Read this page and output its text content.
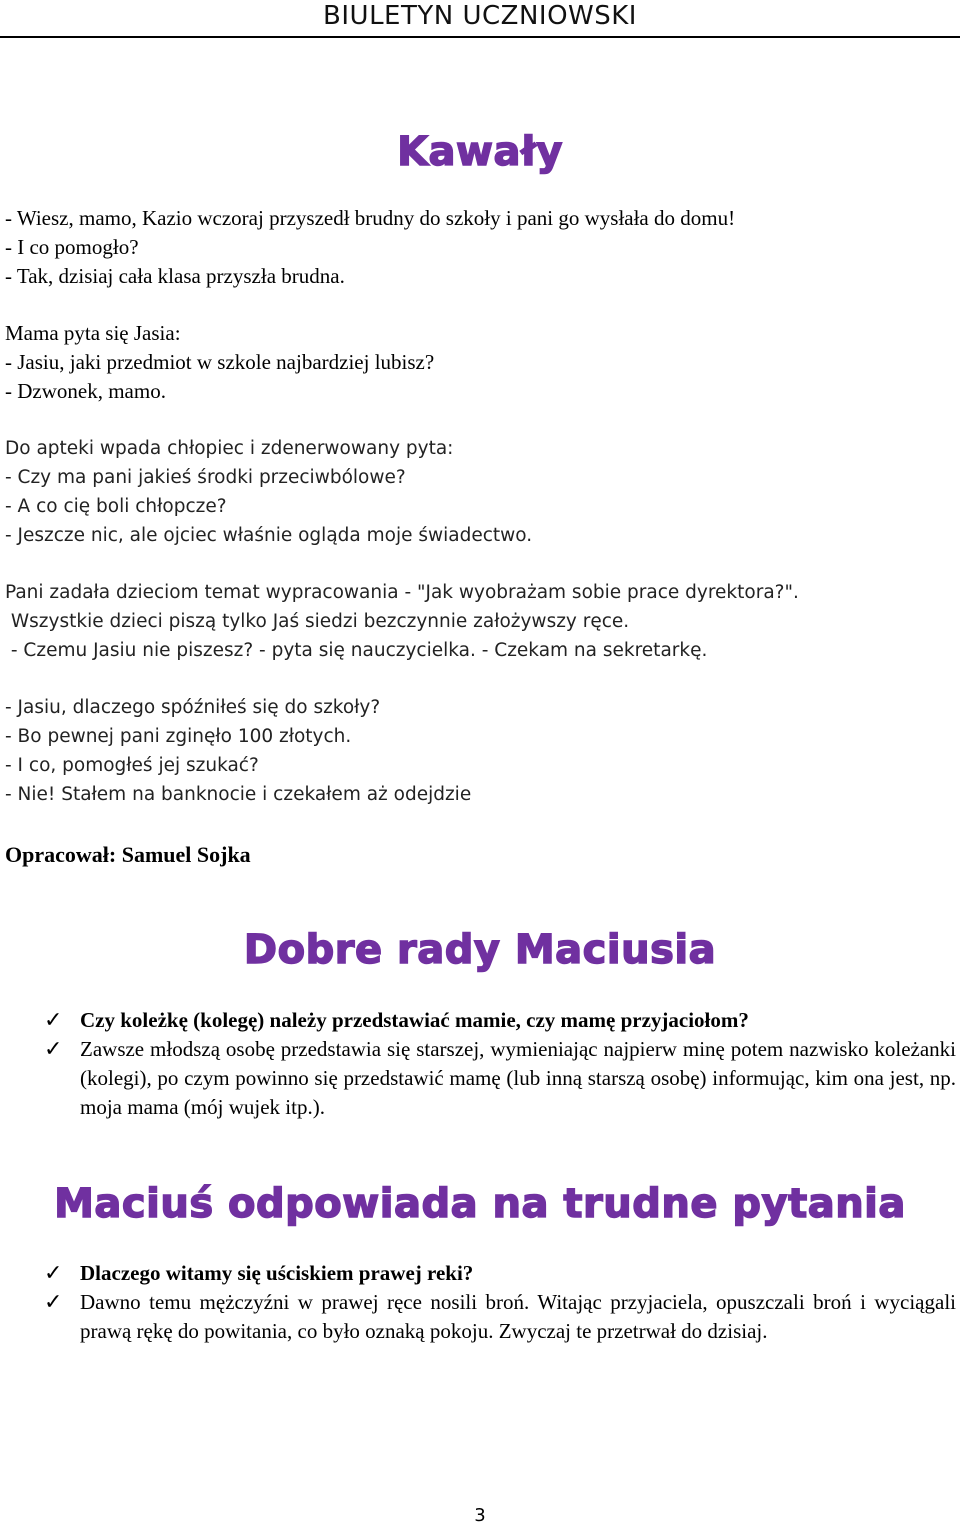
BIULETYN UCZNIOWSKI
Kawały
- Wiesz, mamo, Kazio wczoraj przyszedł brudny do szkoły i pani go wysłała do domu!
- I co pomogło?
- Tak, dzisiaj cała klasa przyszła brudna.
Mama pyta się Jasia:
- Jasiu, jaki przedmiot w szkole najbardziej lubisz?
- Dzwonek, mamo.
Do apteki wpada chłopiec i zdenerwowany pyta:
- Czy ma pani jakieś środki przeciwbólowe?
- A co cię boli chłopcze?
- Jeszcze nic, ale ojciec właśnie ogląda moje świadectwo.
Pani zadała dzieciom temat wypracowania - "Jak wyobrażam sobie prace dyrektora?".
Wszystkie dzieci piszą tylko Jaś siedzi bezczynnie założywszy ręce.
- Czemu Jasiu nie piszesz? - pyta się nauczycielka. - Czekam na sekretarkę.
- Jasiu, dlaczego spóźniłeś się do szkoły?
- Bo pewnej pani zginęło 100 złotych.
- I co, pomogłeś jej szukać?
- Nie! Stałem na banknocie i czekałem aż odejdzie
Opracował: Samuel Sojka
Dobre rady Maciusia
✓ Czy koleżkę (kolegę) należy przedstawiać mamie, czy mamę przyjaciołom?
✓ Zawsze młodszą osobę przedstawia się starszej, wymieniając najpierw minę potem nazwisko koleżanki (kolegi), po czym powinno się przedstawić mamę (lub inną starszą osobę) informując, kim ona jest, np. moja mama (mój wujek itp.).
Maciuś odpowiada na trudne pytania
✓ Dlaczego witamy się uściskiem prawej reki?
✓ Dawno temu mężczyźni w prawej ręce nosili broń. Witając przyjaciela, opuszczali broń i wyciągali prawą rękę do powitania, co było oznaką pokoju. Zwyczaj te przetrwał do dzisiaj.
3
